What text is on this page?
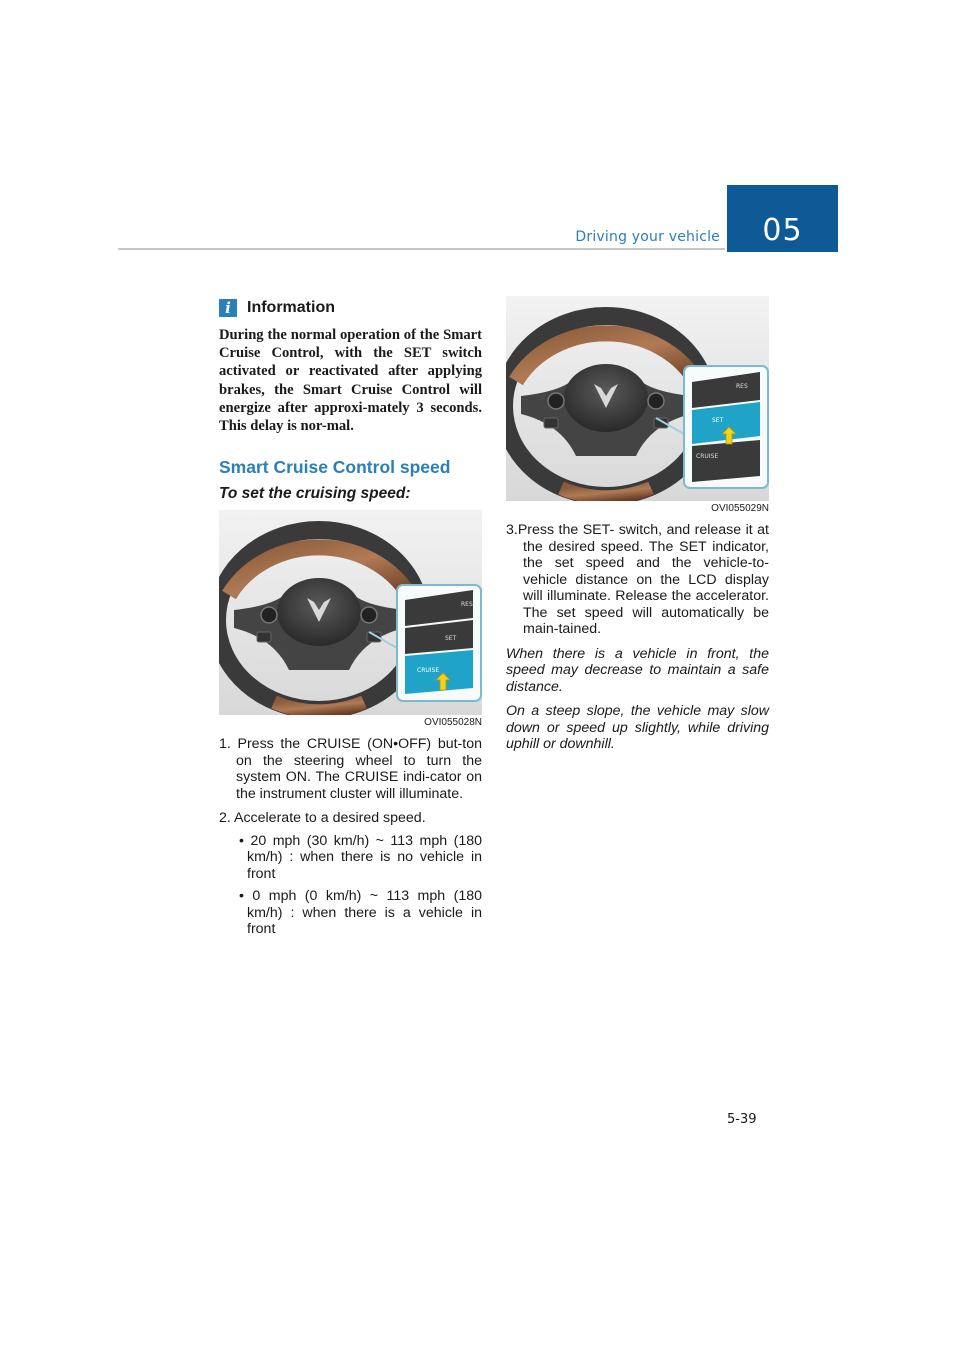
Driving your vehicle	05
i	Information
During the normal operation of the Smart Cruise Control, with the SET switch activated or reactivated after applying brakes, the Smart Cruise Control will energize after approxi-mately 3 seconds. This delay is nor-mal.
Smart Cruise Control speed
To set the cruising speed:
RES
SET
CRUISE
OVI055028N
1. Press the CRUISE (ON•OFF) but-ton on the steering wheel to turn the system ON. The CRUISE indi-cator on the instrument cluster will illuminate.
2. Accelerate to a desired speed.
• 20 mph (30 km/h) ~ 113 mph (180 km/h) : when there is no vehicle in front
• 0 mph (0 km/h) ~ 113 mph (180 km/h) : when there is a vehicle in front
RES
SET
CRUISE
OVI055029N
3.Press the SET- switch, and release it at the desired speed. The SET indicator, the set speed and the vehicle-to-vehicle distance on the LCD display will illuminate. Release the accelerator. The set speed will automatically be main-tained.
When there is a vehicle in front, the speed may decrease to maintain a safe distance.
On a steep slope, the vehicle may slow down or speed up slightly, while driving uphill or downhill.
5-39
